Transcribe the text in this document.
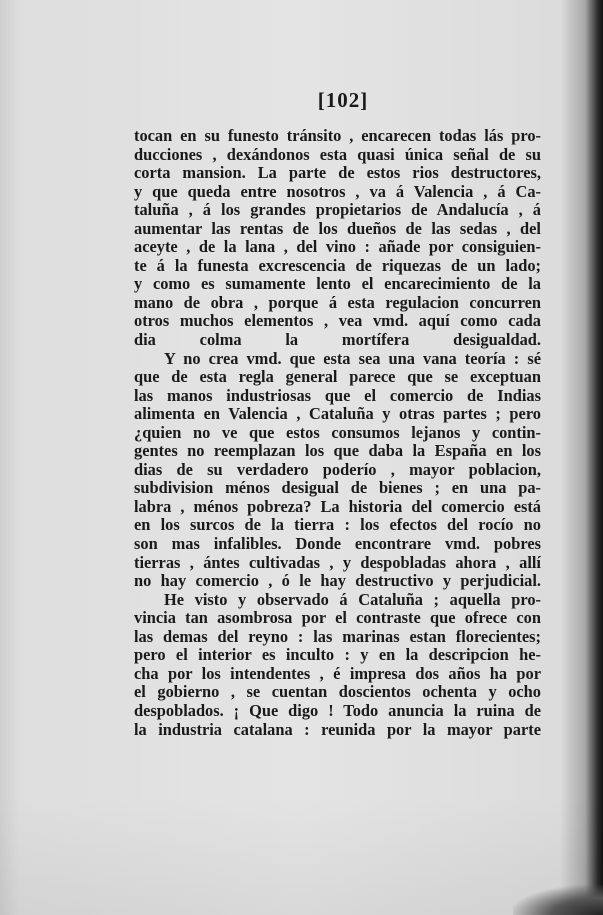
[102]
tocan en su funesto tránsito , encarecen todas lás pro-
ducciones , dexándonos esta quasi única señal de su
corta mansion. La parte de estos rios destructores,
y que queda entre nosotros , va á Valencia , á Ca-
taluña , á los grandes propietarios de Andalucía , á
aumentar las rentas de los dueños de las sedas , del
aceyte , de la lana , del vino : añade por consiguien-
te á la funesta excrescencia de riquezas de un lado;
y como es sumamente lento el encarecimiento de la
mano de obra , porque á esta regulacion concurren
otros muchos elementos , vea vmd. aquí como cada
dia colma la mortífera desigualdad.
Y no crea vmd. que esta sea una vana teoría : sé
que de esta regla general parece que se exceptuan
las manos industriosas que el comercio de Indias
alimenta en Valencia , Cataluña y otras partes ; pero
¿quien no ve que estos consumos lejanos y contin-
gentes no reemplazan los que daba la España en los
dias de su verdadero poderío , mayor poblacion,
subdivision ménos desigual de bienes ; en una pa-
labra , ménos pobreza? La historia del comercio está
en los surcos de la tierra : los efectos del rocío no
son mas infalibles. Donde encontrare vmd. pobres
tierras , ántes cultivadas , y despobladas ahora , allí
no hay comercio , ó le hay destructivo y perjudicial.
He visto y observado á Cataluña ; aquella pro-
vincia tan asombrosa por el contraste que ofrece con
las demas del reyno : las marinas estan florecientes;
pero el interior es inculto : y en la descripcion he-
cha por los intendentes , é impresa dos años ha por
el gobierno , se cuentan doscientos ochenta y ocho
despoblados. ¡ Que digo ! Todo anuncia la ruina de
la industria catalana : reunida por la mayor parte
